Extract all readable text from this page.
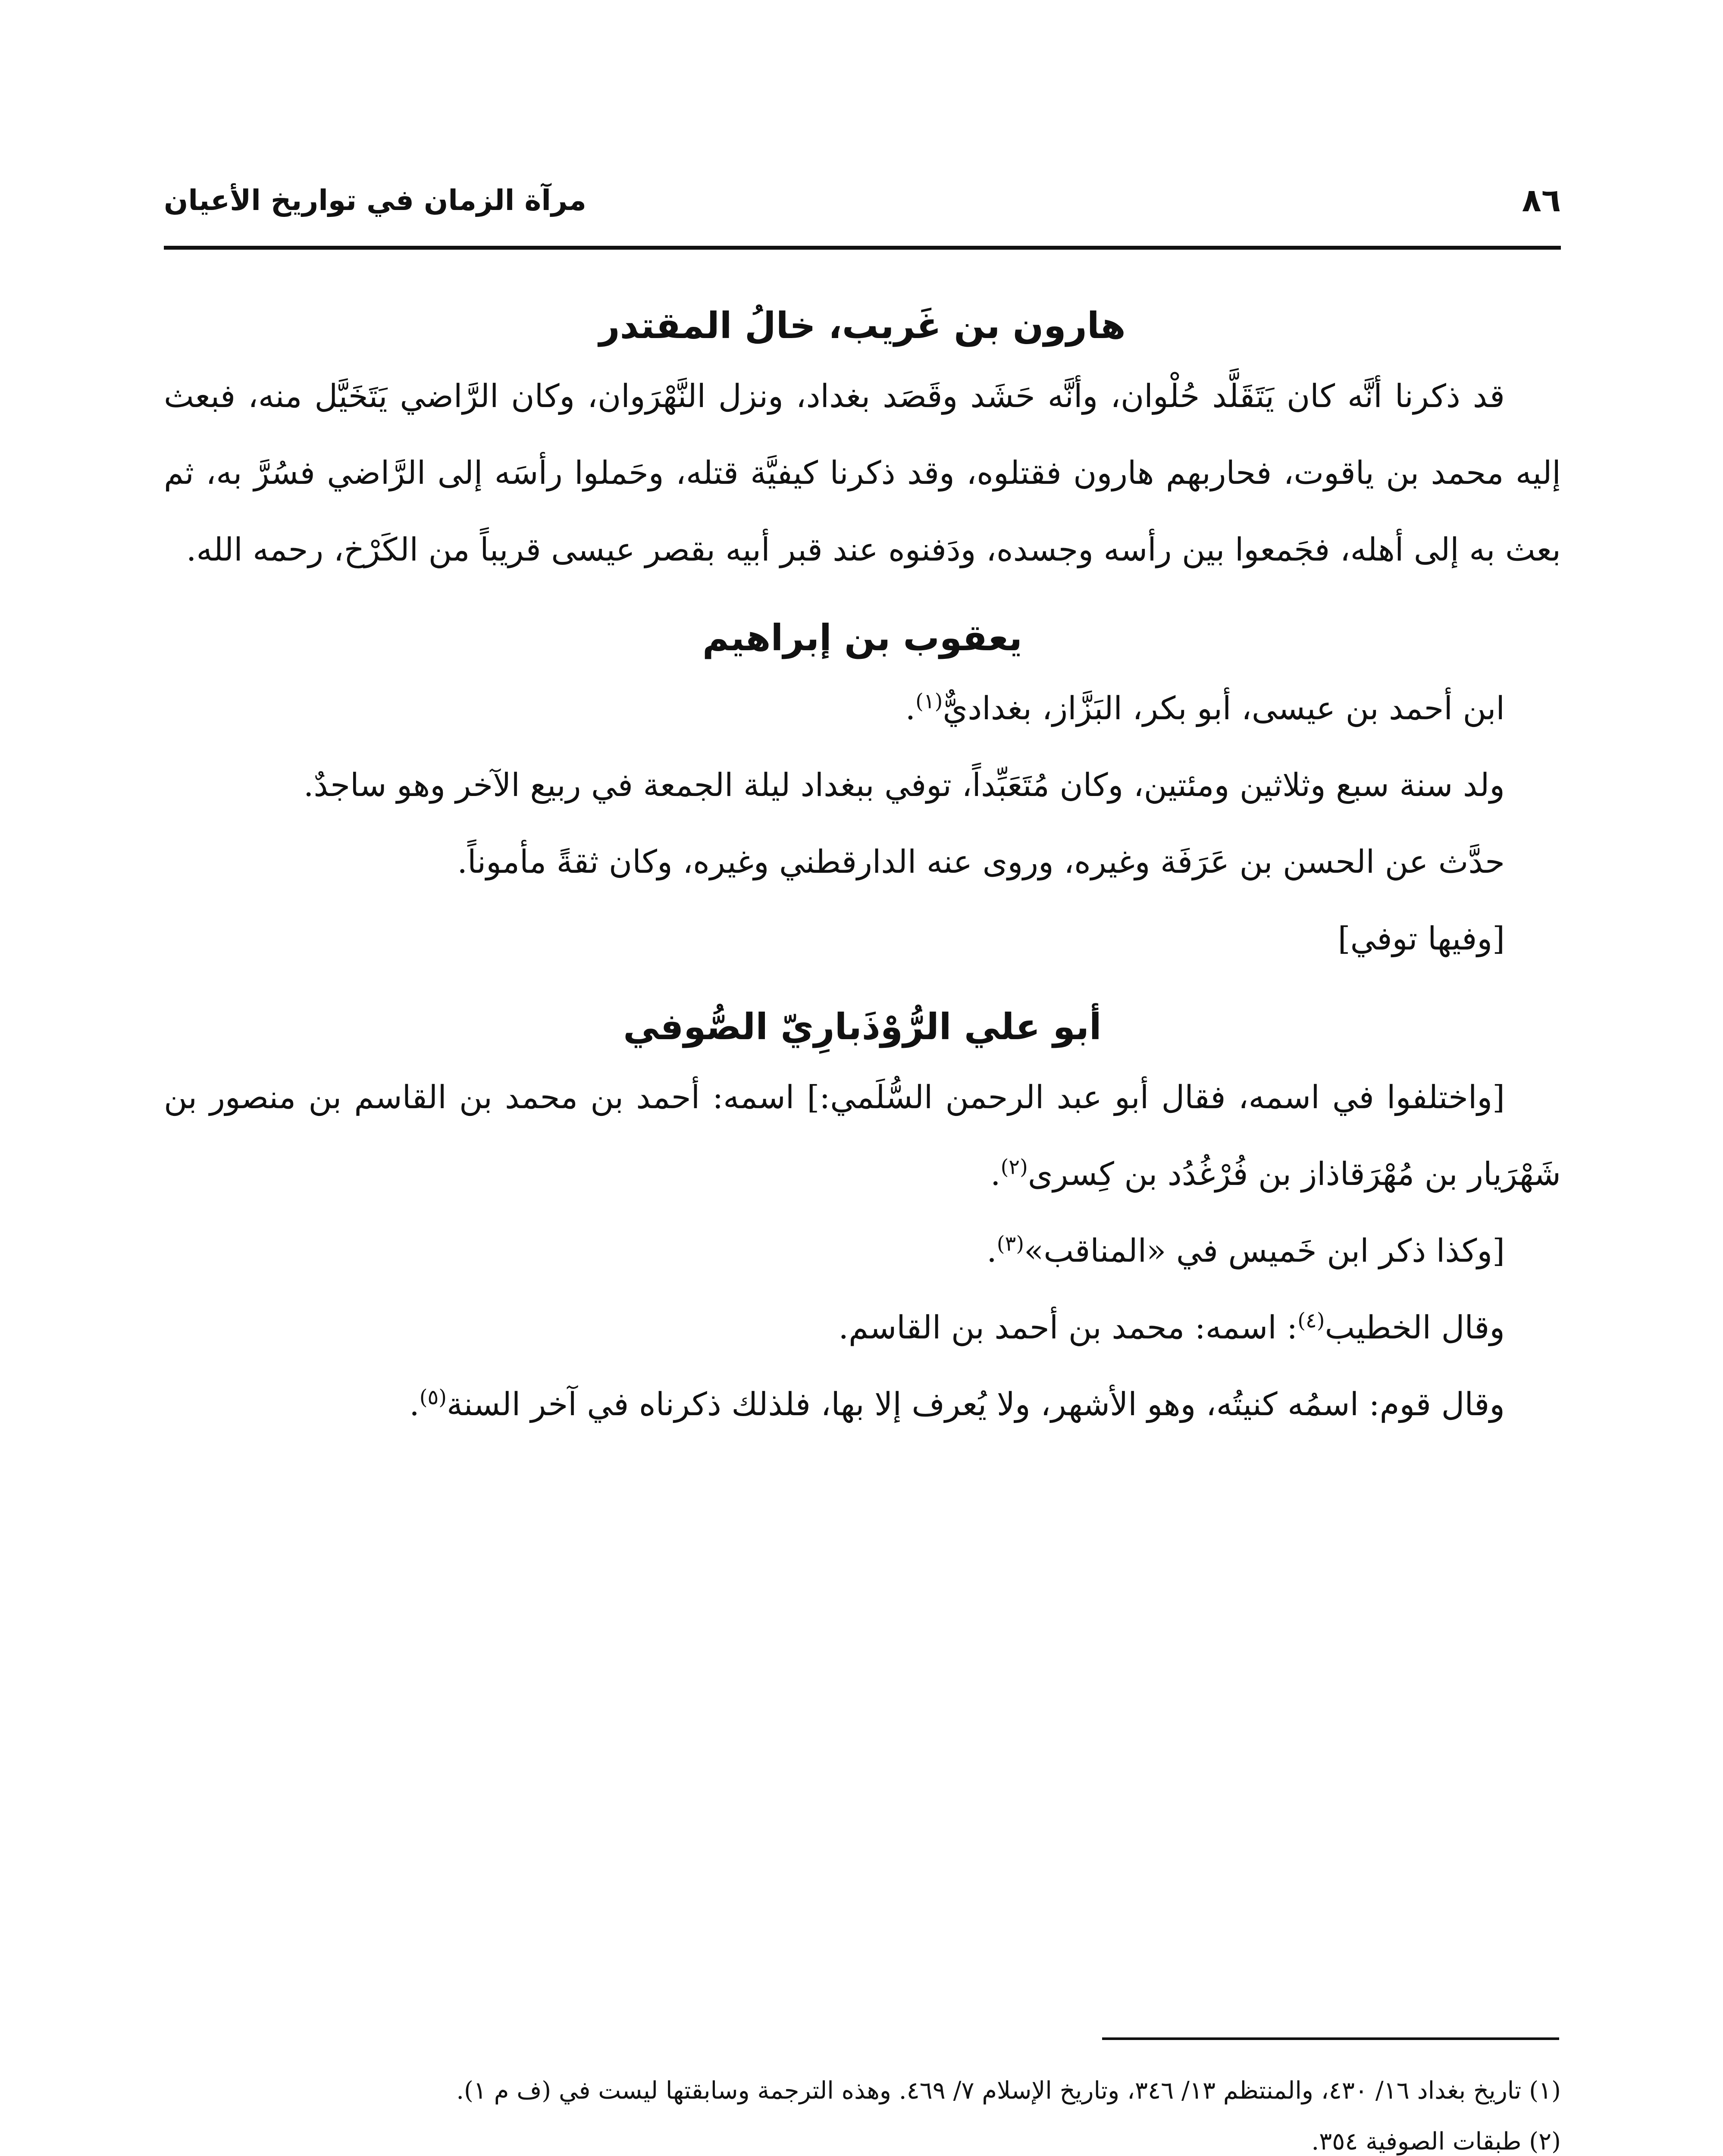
٨٦
مرآة الزمان في تواريخ الأعيان
هارون بن غَريب، خالُ المقتدر

قد ذكرنا أنَّه كان يَتَقَلَّد حُلْوان، وأنَّه حَشَد وقَصَد بغداد، ونزل النَّهْرَوان، وكان الرَّاضي يَتَخَيَّل منه، فبعث إليه محمد بن ياقوت، فحاربهم هارون فقتلوه، وقد ذكرنا كيفيَّة قتله، وحَملوا رأسَه إلى الرَّاضي فسُرَّ به، ثم بعث به إلى أهله، فجَمعوا بين رأسه وجسده، ودَفنوه عند قبر أبيه بقصر عيسى قريباً من الكَرْخ، رحمه الله.

يعقوب بن إبراهيم

ابن أحمد بن عيسى، أبو بكر، البَزَّاز، بغداديٌّ$^{(١)}$.

ولد سنة سبع وثلاثين ومئتين، وكان مُتَعَبِّداً، توفي ببغداد ليلة الجمعة في ربيع الآخر وهو ساجدٌ.

حدَّث عن الحسن بن عَرَفَة وغيره، وروى عنه الدارقطني وغيره، وكان ثقةً مأموناً.

[وفيها توفي]

أبو علي الرُّوْذَبارِيّ الصُّوفي

[واختلفوا في اسمه، فقال أبو عبد الرحمن السُّلَمي:] اسمه: أحمد بن محمد بن القاسم بن منصور بن شَهْرَيار بن مُهْرَقاذاز بن فُرْغُدُد بن كِسرى$^{(٢)}$.

[وكذا ذكر ابن خَميس في «المناقب»$^{(٣)}$.

وقال الخطيب$^{(٤)}$: اسمه: محمد بن أحمد بن القاسم.

وقال قوم: اسمُه كنيتُه، وهو الأشهر، ولا يُعرف إلا بها، فلذلك ذكرناه في آخر السنة$^{(٥)}$.

(١) تاريخ بغداد ١٦/ ٤٣٠، والمنتظم ١٣/ ٣٤٦، وتاريخ الإسلام ٧/ ٤٦٩. وهذه الترجمة وسابقتها ليست في (ف م ١).

(٢) طبقات الصوفية ٣٥٤.
